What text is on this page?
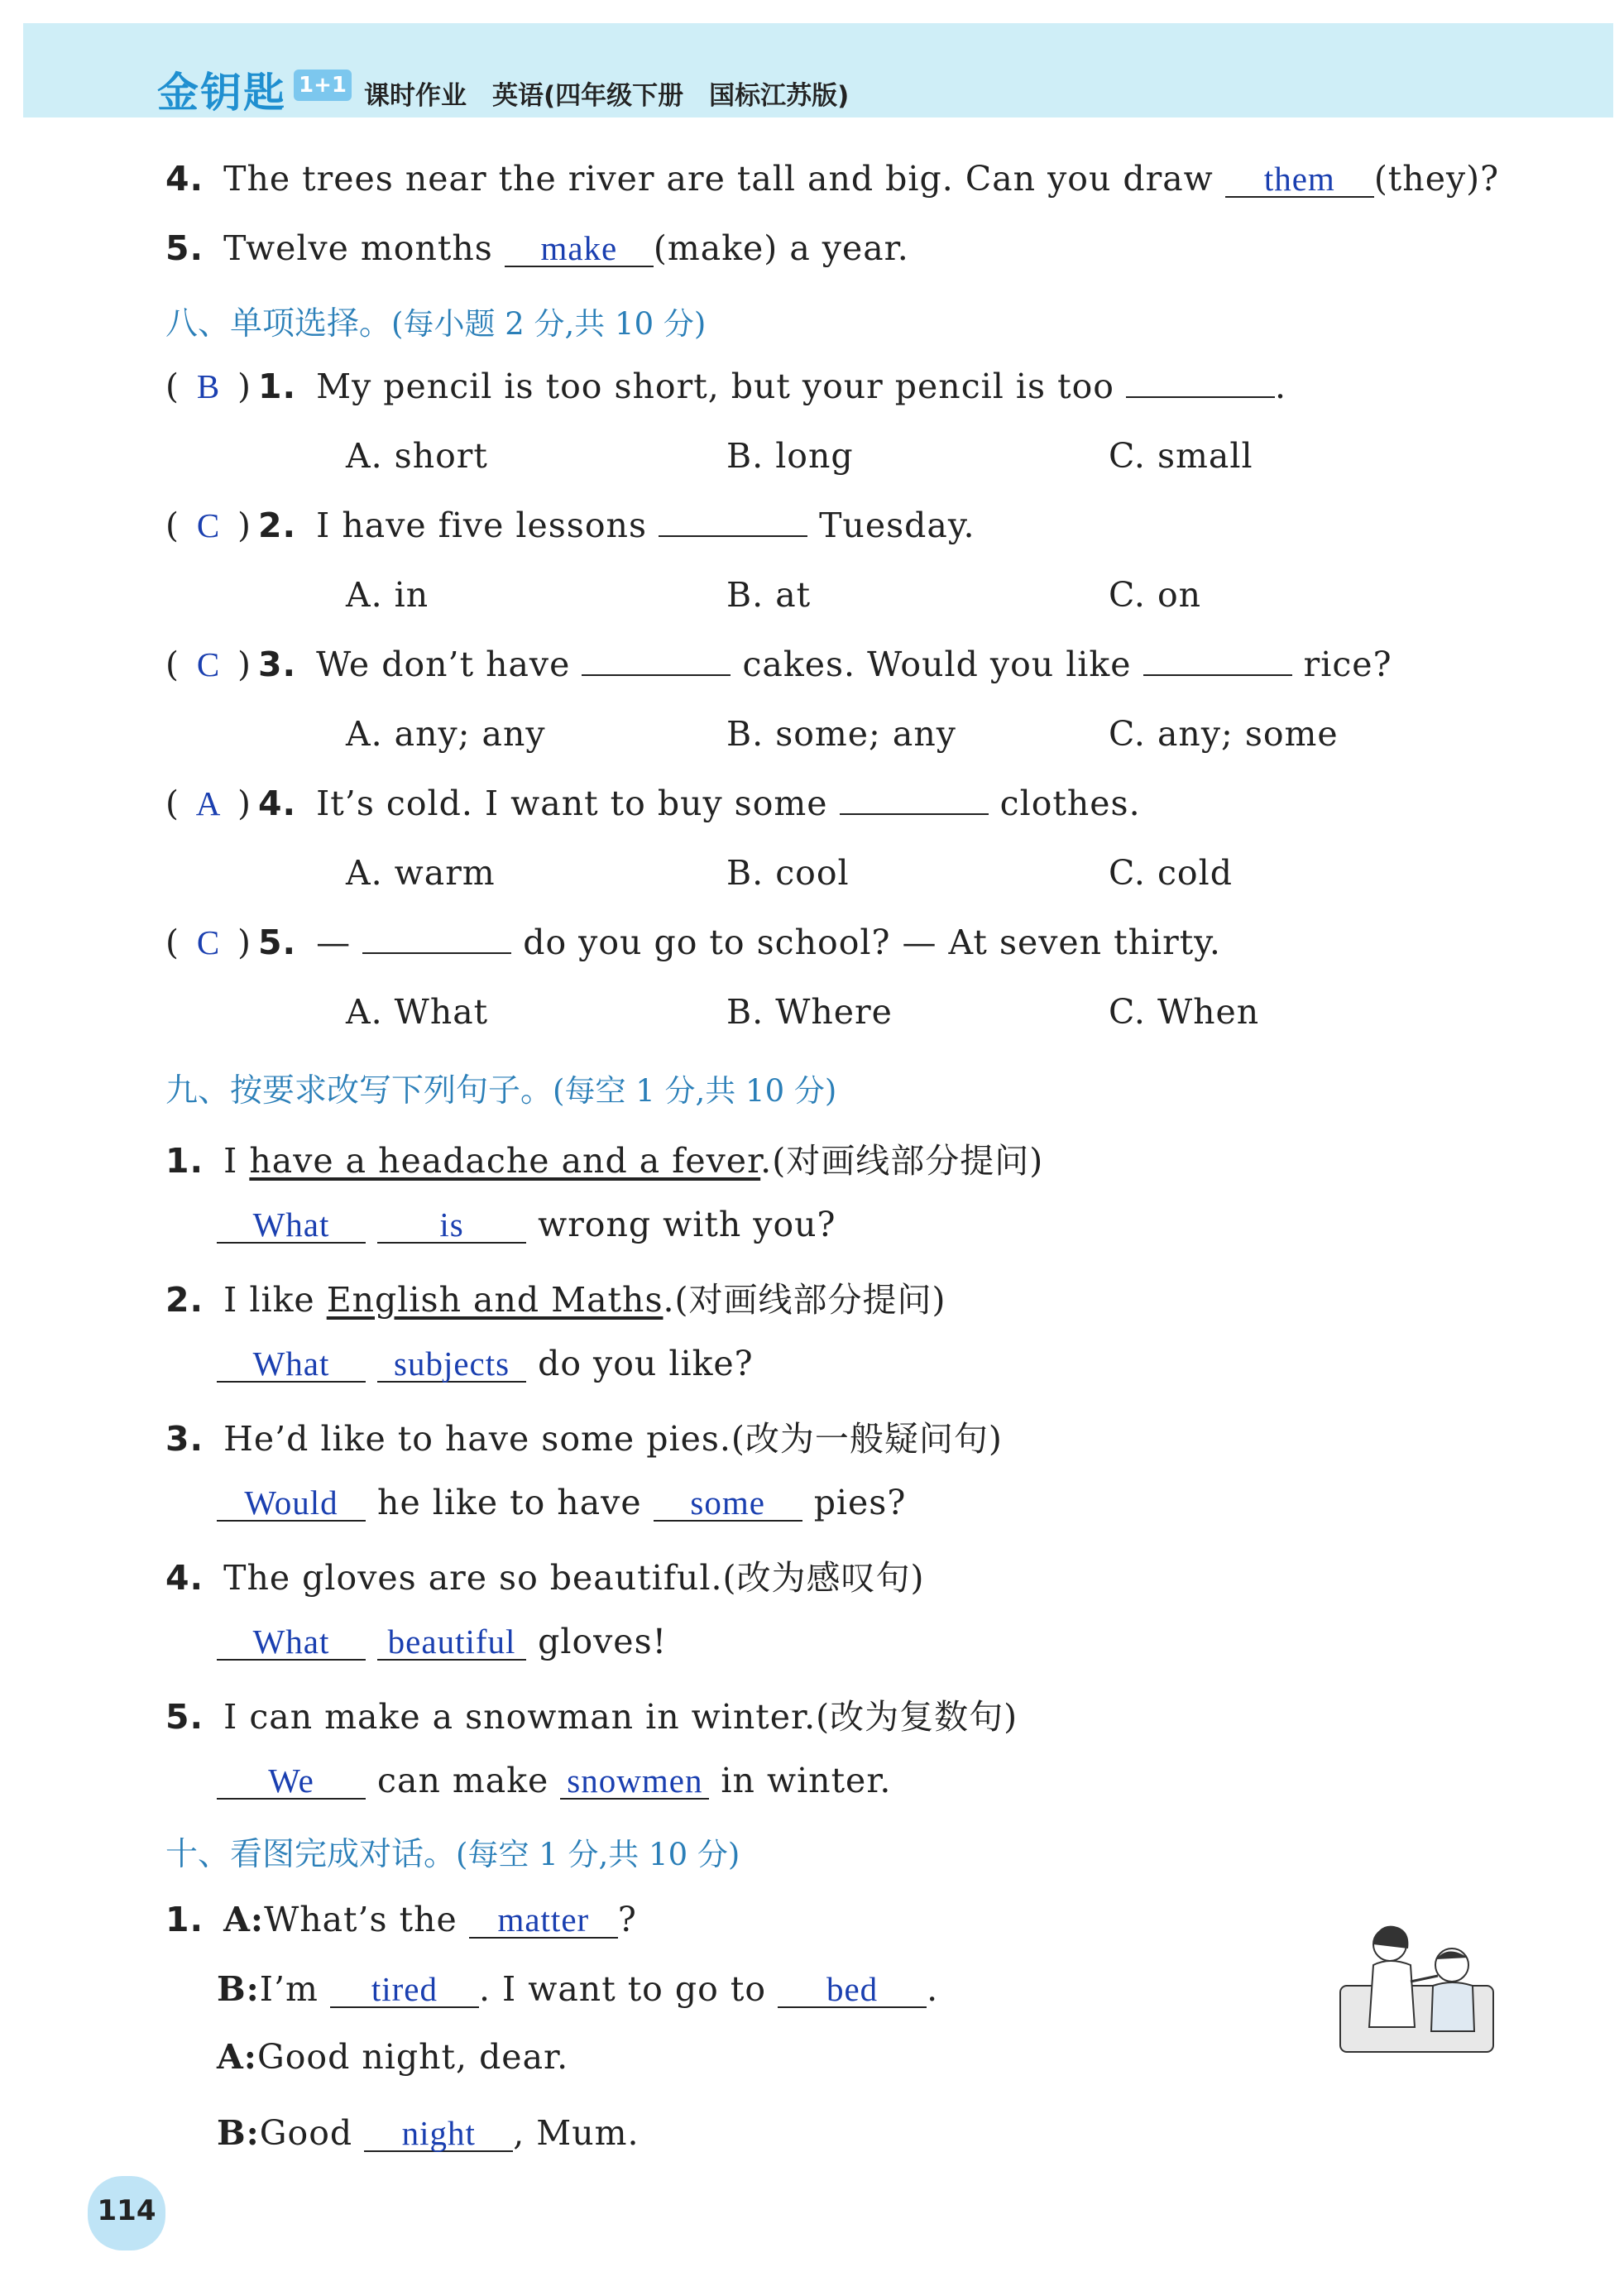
金钥匙 1+1 课时作业　英语(四年级下册　国标江苏版)
4. The trees near the river are tall and big. Can you draw them (they)?
5. Twelve months make (make) a year.
八、单项选择。(每小题 2 分,共 10 分)
( B ) 1. My pencil is too short, but your pencil is too	.
A. short	B. long	C. small
( C ) 2. I have five lessons	Tuesday.
A. in	B. at	C. on
( C ) 3. We don’t have	cakes. Would you like	rice?
A. any; any	B. some; any	C. any; some
( A ) 4. It’s cold. I want to buy some	clothes.
A. warm	B. cool	C. cold
( C ) 5. —	do you go to school? — At seven thirty.
A. What	B. Where	C. When
九、按要求改写下列句子。(每空 1 分,共 10 分)
1. I have a headache and a fever.(对画线部分提问)
What	is wrong with you?
2. I like English and Maths.(对画线部分提问)
What subjects do you like?
3. He’d like to have some pies.(改为一般疑问句)
Would he like to have some pies?
4. The gloves are so beautiful.(改为感叹句)
What beautiful gloves!
5. I can make a snowman in winter.(改为复数句)
We can make snowmen in winter.
十、看图完成对话。(每空 1 分,共 10 分)
1. A:What’s the matter ?
B:I’m tired . I want to go to bed .
A:Good night, dear.
B:Good night , Mum.
114
